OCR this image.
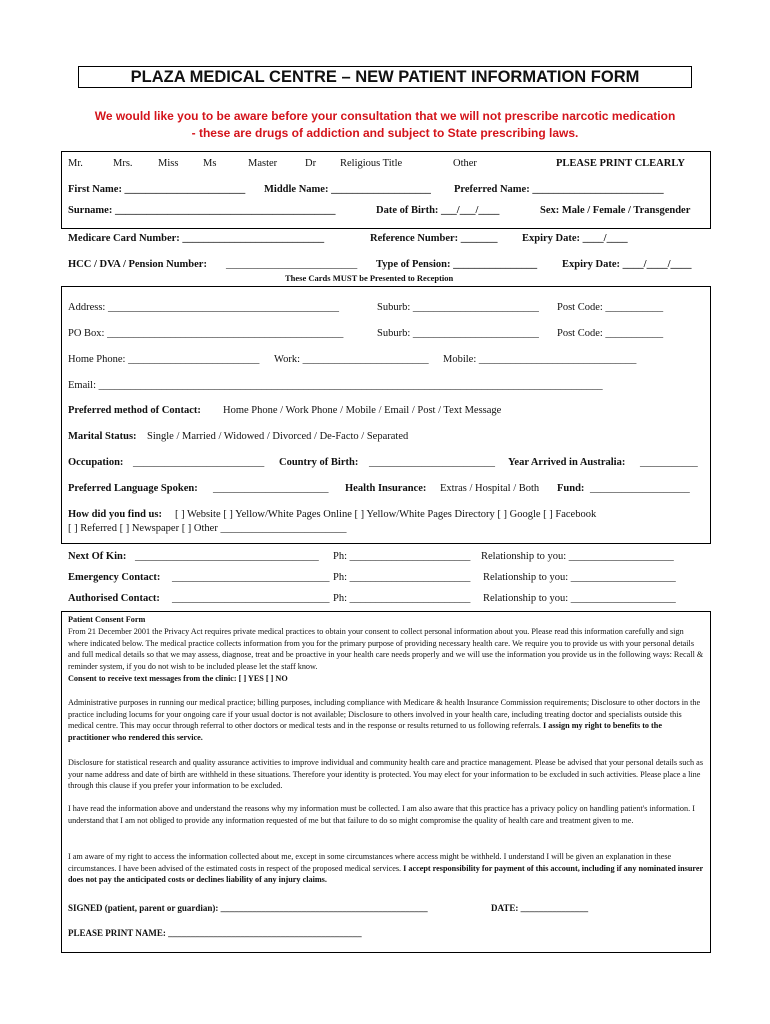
PLAZA MEDICAL CENTRE – NEW PATIENT INFORMATION FORM
We would like you to be aware before your consultation that we will not prescribe narcotic medication
- these are drugs of addiction and subject to State prescribing laws.
Mr.	Mrs. Miss Ms	Master	Dr Religious Title	Other	PLEASE PRINT CLEARLY
First Name: _______________________ Middle Name: ___________________ Preferred Name: _________________________
Surname: __________________________________________	Date of Birth: ___/___/____	Sex: Male / Female / Transgender
Medicare Card Number: ___________________________	Reference Number: _______ Expiry Date: ____/____
HCC / DVA / Pension Number: _________________________ Type of Pension: ________________ Expiry Date: ____/____/____
These Cards MUST be Presented to Reception
Address: ____________________________________________	Suburb: ________________________ Post Code: ___________
PO Box: _____________________________________________	Suburb: ________________________ Post Code: ___________
Home Phone: _________________________ Work: ________________________ Mobile: ______________________________
Email: ________________________________________________________________________________________________
Preferred method of Contact: Home Phone / Work Phone / Mobile / Email / Post / Text Message
Marital Status: Single / Married / Widowed / Divorced / De-Facto / Separated
Occupation: _________________________ Country of Birth: ________________________ Year Arrived in Australia: ___________
Preferred Language Spoken: ______________________ Health Insurance: Extras / Hospital / Both Fund: ___________________
How did you find us: [ ] Website [ ] Yellow/White Pages Online [ ] Yellow/White Pages Directory [ ] Google [ ] Facebook
[ ] Referred [ ] Newspaper [ ] Other ________________________
Next Of Kin: ___________________________________ Ph: _______________________ Relationship to you: ____________________
Emergency Contact: ______________________________ Ph: _______________________ Relationship to you: ____________________
Authorised Contact: ______________________________ Ph: _______________________ Relationship to you: ____________________
Patient Consent Form
From 21 December 2001 the Privacy Act requires private medical practices to obtain your consent to collect personal information about you. Please read this information carefully and sign where indicated below. The medical practice collects information from you for the primary purpose of providing necessary health care. We require you to provide us with your personal details and full medical details so that we may assess, diagnose, treat and be proactive in your health care needs properly and we will use the information you provide us in the following ways: Recall & reminder system, if you do not wish to be included please let the staff know.
Consent to receive text messages from the clinic: [ ] YES [ ] NO
Administrative purposes in running our medical practice; billing purposes, including compliance with Medicare & health Insurance Commission requirements; Disclosure to other doctors in the practice including locums for your ongoing care if your usual doctor is not available; Disclosure to others involved in your health care, including treating doctor and specialists outside this medical centre. This may occur through referral to other doctors or medical tests and in the response or results returned to us following referrals. I assign my right to benefits to the practitioner who rendered this service.
Disclosure for statistical research and quality assurance activities to improve individual and community health care and practice management. Please be advised that your personal details such as your name address and date of birth are withheld in these situations. Therefore your identity is protected. You may elect for your information to be excluded in such activities. Please place a line through this clause if you prefer your information to be excluded.
I have read the information above and understand the reasons why my information must be collected. I am also aware that this practice has a privacy policy on handling patient's information. I understand that I am not obliged to provide any information requested of me but that failure to do so might compromise the quality of health care and treatment given to me.
I am aware of my right to access the information collected about me, except in some circumstances where access might be withheld. I understand I will be given an explanation in these circumstances. I have been advised of the estimated costs in respect of the proposed medical services. I accept responsibility for payment of this account, including if any nominated insurer does not pay the anticipated costs or declines liability of any injury claims.
SIGNED (patient, parent or guardian): ______________________________________________	DATE: _______________
PLEASE PRINT NAME: ___________________________________________
